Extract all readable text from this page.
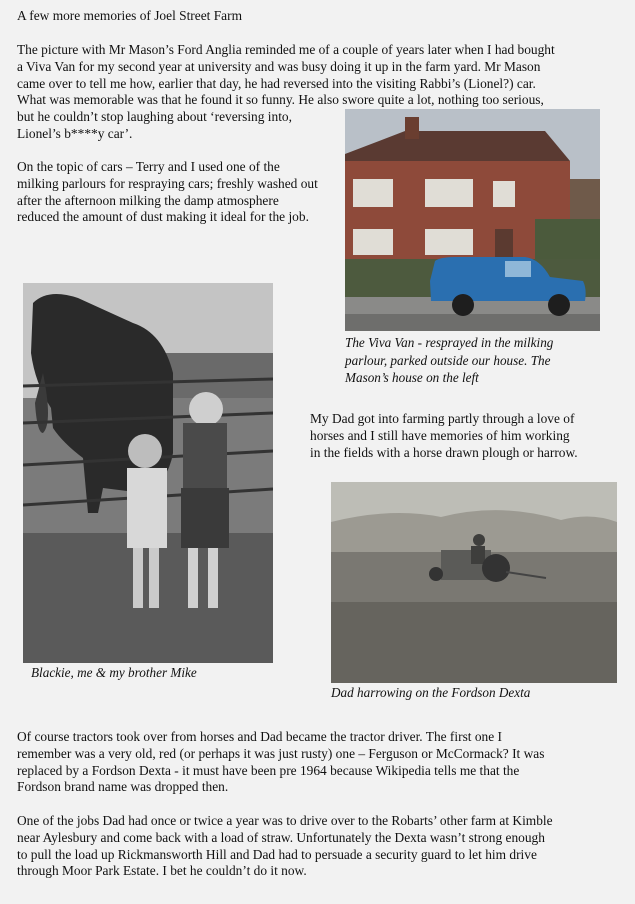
A few more memories of Joel Street Farm
The picture with Mr Mason’s Ford Anglia reminded me of a couple of years later when I had bought
a Viva Van for my second year at university and was busy doing it up in the farm yard. Mr Mason
came over to tell me how, earlier that day, he had reversed into the visiting Rabbi’s (Lionel?) car.
What was memorable was that he found it so funny. He also swore quite a lot, nothing too serious,
but he couldn’t stop laughing about ‘reversing into,
Lionel’s b****y car’.
On the topic of cars – Terry and I used one of the
milking parlours for respraying cars; freshly washed out
after the afternoon milking the damp atmosphere
reduced the amount of dust making it ideal for the job.
The Viva Van - resprayed in the milking
parlour, parked outside our house. The
Mason’s house on the left
Blackie, me & my brother Mike
My Dad got into farming partly through a love of
horses and I still have memories of him working
in the fields with a horse drawn plough or harrow.
Dad harrowing on the Fordson Dexta
Of course tractors took over from horses and Dad became the tractor driver. The first one I
remember was a very old, red (or perhaps it was just rusty) one – Ferguson or McCormack? It was
replaced by a Fordson Dexta - it must have been pre 1964 because Wikipedia tells me that the
Fordson brand name was dropped then.
One of the jobs Dad had once or twice a year was to drive over to the Robarts’ other farm at Kimble
near Aylesbury and come back with a load of straw. Unfortunately the Dexta wasn’t strong enough
to pull the load up Rickmansworth Hill and Dad had to persuade a security guard to let him drive
through Moor Park Estate. I bet he couldn’t do it now.
